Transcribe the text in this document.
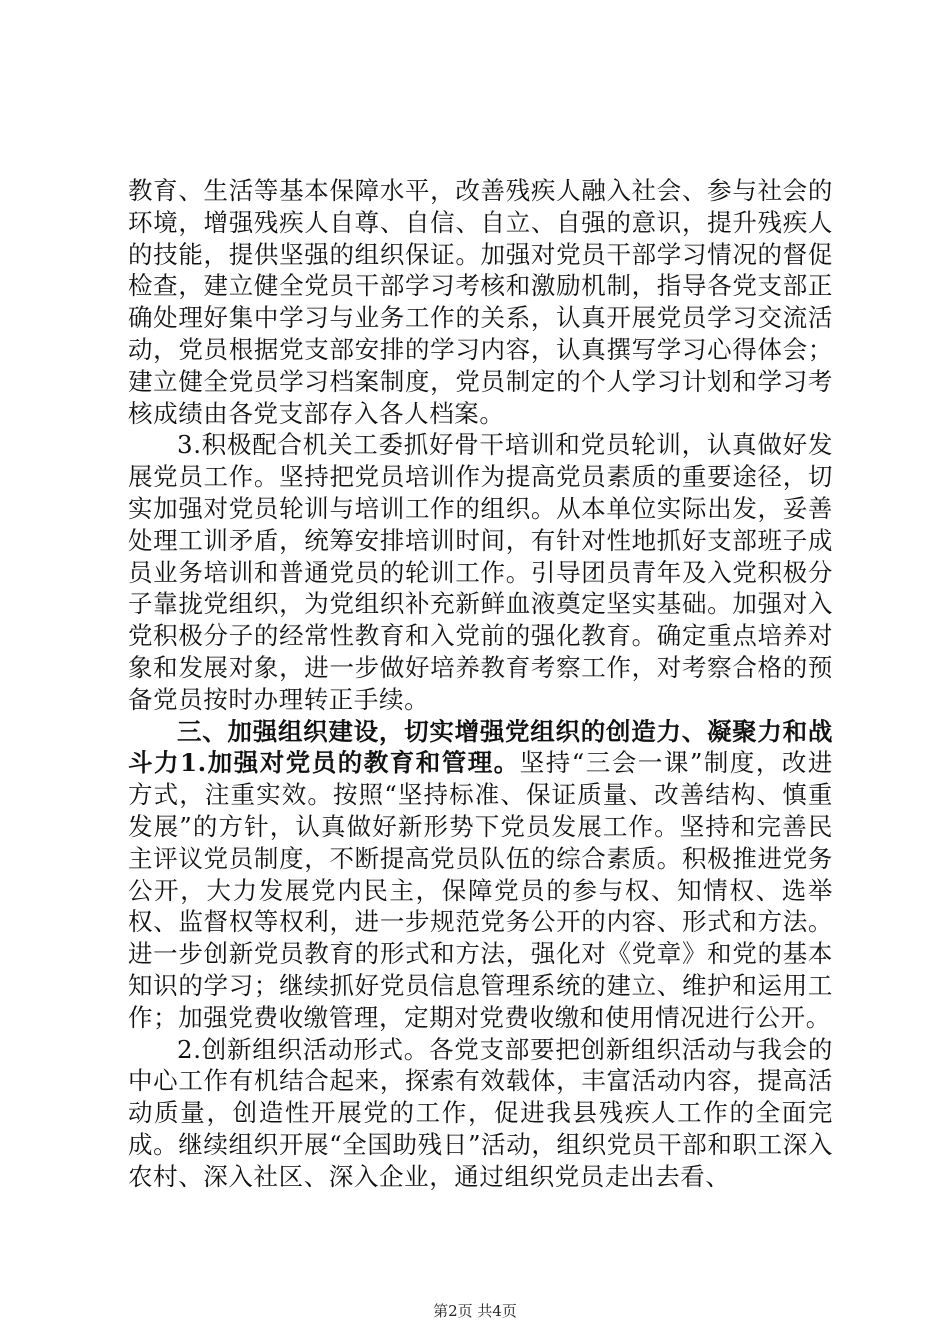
教育、生活等基本保障水平，改善残疾人融入社会、参与社会的环境，增强残疾人自尊、自信、自立、自强的意识，提升残疾人的技能，提供坚强的组织保证。加强对党员干部学习情况的督促检查，建立健全党员干部学习考核和激励机制，指导各党支部正确处理好集中学习与业务工作的关系，认真开展党员学习交流活动，党员根据党支部安排的学习内容，认真撰写学习心得体会；建立健全党员学习档案制度，党员制定的个人学习计划和学习考核成绩由各党支部存入各人档案。

3.积极配合机关工委抓好骨干培训和党员轮训，认真做好发展党员工作。坚持把党员培训作为提高党员素质的重要途径，切实加强对党员轮训与培训工作的组织。从本单位实际出发，妥善处理工训矛盾，统筹安排培训时间，有针对性地抓好支部班子成员业务培训和普通党员的轮训工作。引导团员青年及入党积极分子靠拢党组织，为党组织补充新鲜血液奠定坚实基础。加强对入党积极分子的经常性教育和入党前的强化教育。确定重点培养对象和发展对象，进一步做好培养教育考察工作，对考察合格的预备党员按时办理转正手续。

三、加强组织建设，切实增强党组织的创造力、凝聚力和战斗力1.加强对党员的教育和管理。坚持“三会一课”制度，改进方式，注重实效。按照“坚持标准、保证质量、改善结构、慎重发展”的方针，认真做好新形势下党员发展工作。坚持和完善民主评议党员制度，不断提高党员队伍的综合素质。积极推进党务公开，大力发展党内民主，保障党员的参与权、知情权、选举权、监督权等权利，进一步规范党务公开的内容、形式和方法。进一步创新党员教育的形式和方法，强化对《党章》和党的基本知识的学习；继续抓好党员信息管理系统的建立、维护和运用工作；加强党费收缴管理，定期对党费收缴和使用情况进行公开。

2.创新组织活动形式。各党支部要把创新组织活动与我会的中心工作有机结合起来，探索有效载体，丰富活动内容，提高活动质量，创造性开展党的工作，促进我县残疾人工作的全面完成。继续组织开展“全国助残日”活动，组织党员干部和职工深入农村、深入社区、深入企业，通过组织党员走出去看、

第2页 共4页
